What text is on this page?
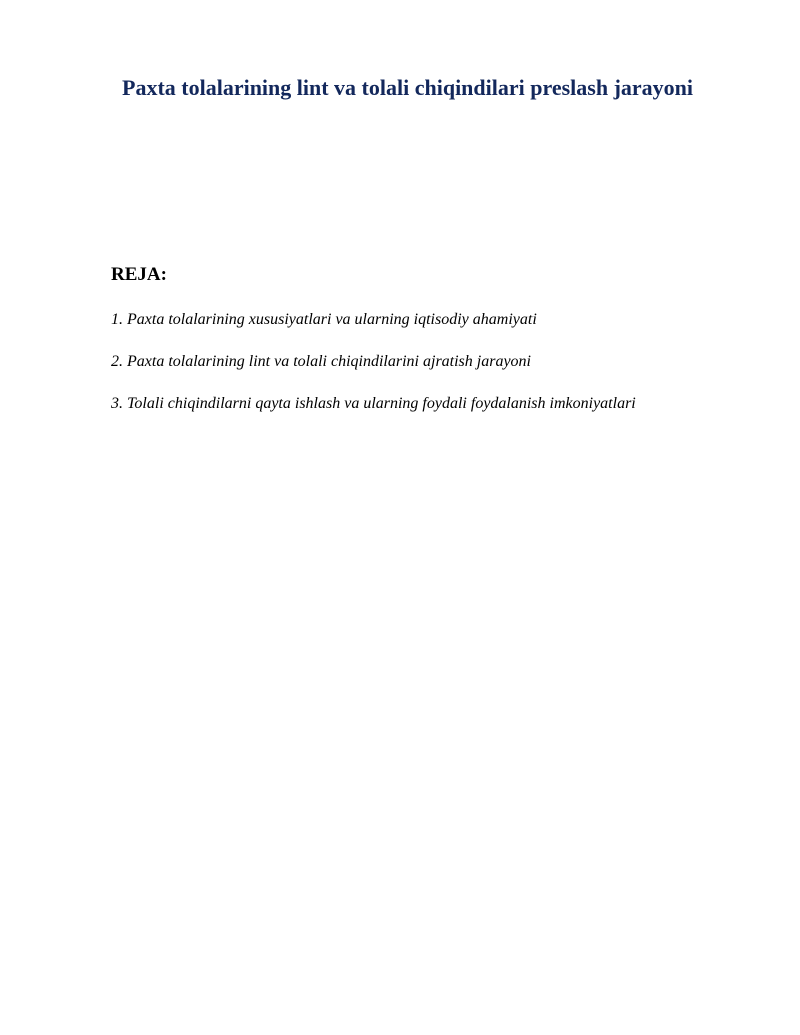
Paxta tolalarining lint va tolali chiqindilari preslash jarayoni
REJA:
1. Paxta tolalarining xususiyatlari va ularning iqtisodiy ahamiyati
2. Paxta tolalarining lint va tolali chiqindilarini ajratish jarayoni
3. Tolali chiqindilarni qayta ishlash va ularning foydali foydalanish imkoniyatlari
